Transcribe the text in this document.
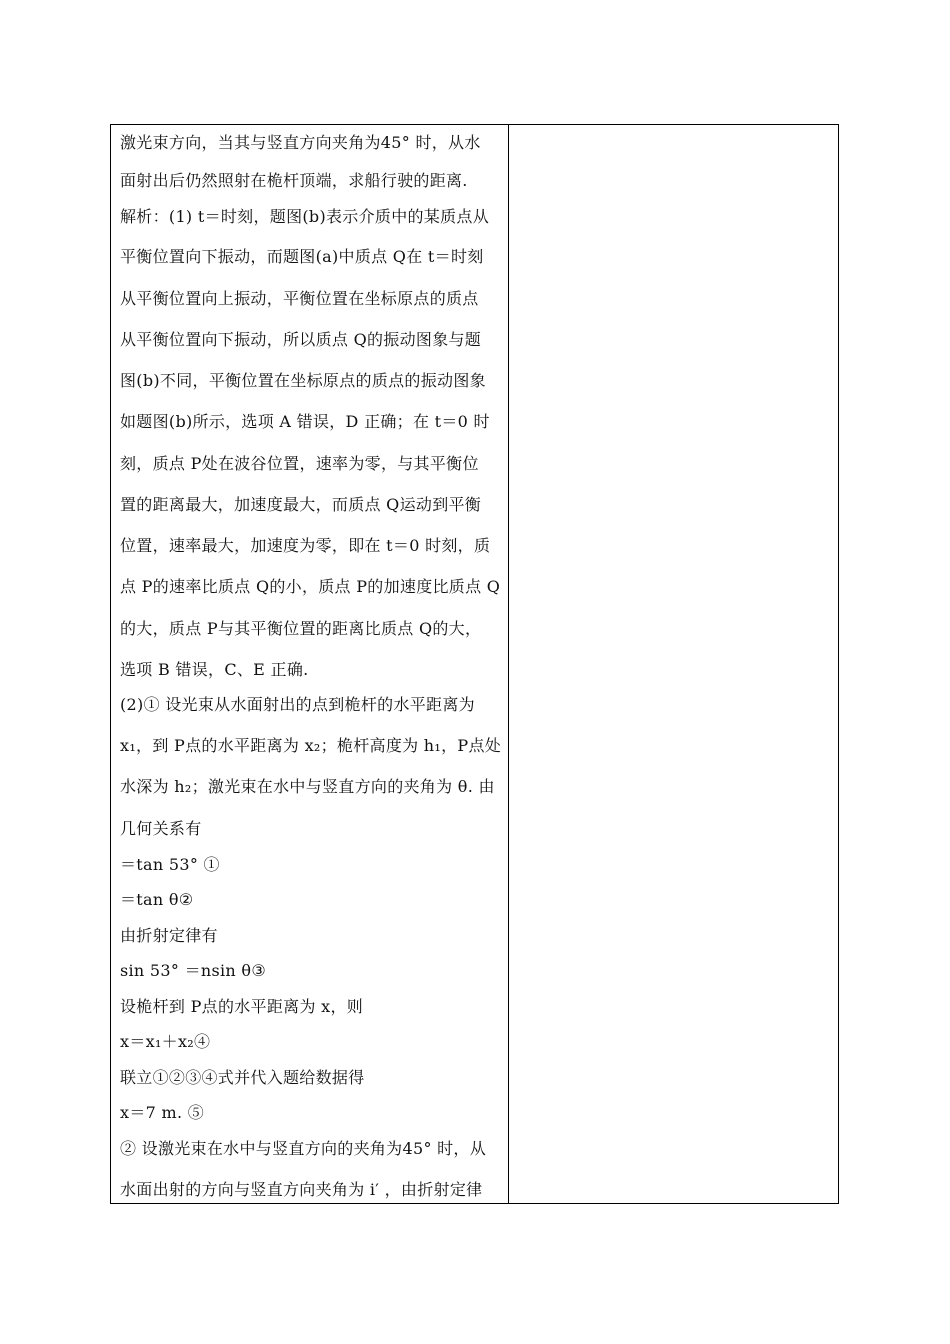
激光束方向，当其与竖直方向夹角为45° 时，从水
面射出后仍然照射在桅杆顶端，求船行驶的距离.
解析：(1) t＝时刻，题图(b)表示介质中的某质点从
平衡位置向下振动，而题图(a)中质点 Q在 t＝时刻
从平衡位置向上振动，平衡位置在坐标原点的质点
从平衡位置向下振动，所以质点 Q的振动图象与题
图(b)不同，平衡位置在坐标原点的质点的振动图象
如题图(b)所示，选项 A 错误，D 正确；在 t＝0 时
刻，质点 P处在波谷位置，速率为零，与其平衡位
置的距离最大，加速度最大，而质点 Q运动到平衡
位置，速率最大，加速度为零，即在 t＝0 时刻，质
点 P的速率比质点 Q的小，质点 P的加速度比质点 Q
的大，质点 P与其平衡位置的距离比质点 Q的大，
选项 B 错误，C、E 正确.
(2)① 设光束从水面射出的点到桅杆的水平距离为
x₁，到 P点的水平距离为 x₂；桅杆高度为 h₁，P点处
水深为 h₂；激光束在水中与竖直方向的夹角为 θ. 由
几何关系有
＝tan 53° ①
＝tan θ②
由折射定律有
sin 53° ＝nsin θ③
设桅杆到 P点的水平距离为 x，则
x＝x₁＋x₂④
联立①②③④式并代入题给数据得
x＝7 m. ⑤
② 设激光束在水中与竖直方向的夹角为45° 时，从
水面出射的方向与竖直方向夹角为 i′ ，由折射定律
